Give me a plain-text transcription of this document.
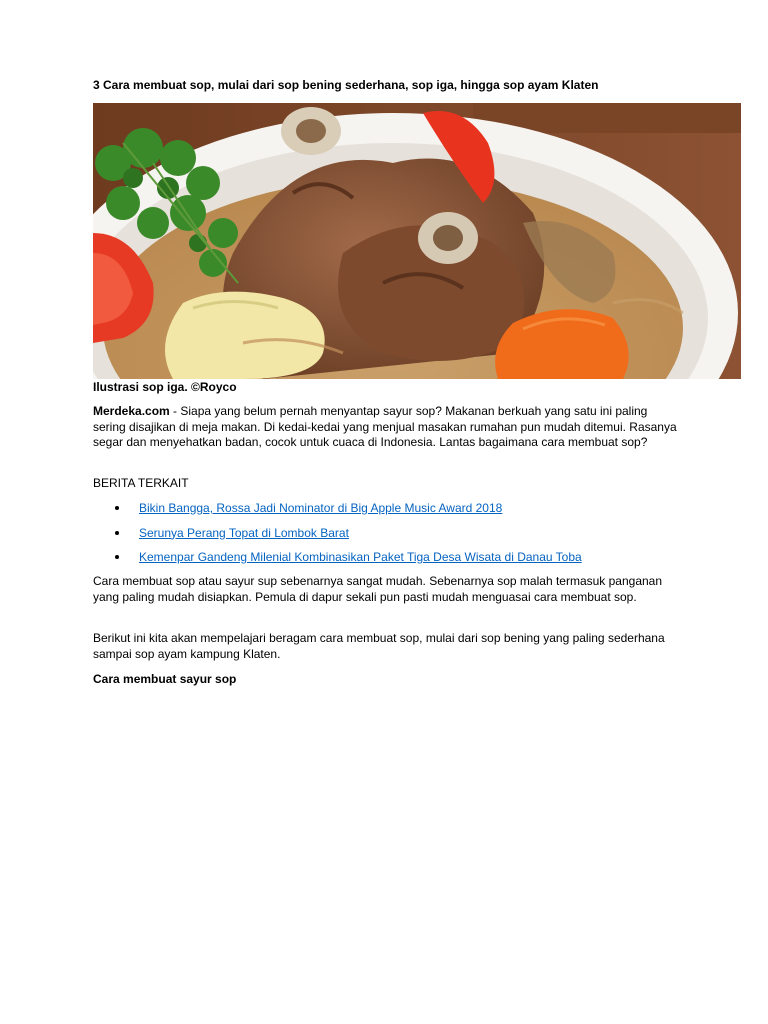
3 Cara membuat sop, mulai dari sop bening sederhana, sop iga, hingga sop ayam Klaten
Ilustrasi sop iga. ©Royco

Merdeka.com - Siapa yang belum pernah menyantap sayur sop? Makanan berkuah yang satu ini paling sering disajikan di meja makan. Di kedai-kedai yang menjual masakan rumahan pun mudah ditemui. Rasanya segar dan menyehatkan badan, cocok untuk cuaca di Indonesia. Lantas bagaimana cara membuat sop?

BERITA TERKAIT
Bikin Bangga, Rossa Jadi Nominator di Big Apple Music Award 2018
Serunya Perang Topat di Lombok Barat
Kemenpar Gandeng Milenial Kombinasikan Paket Tiga Desa Wisata di Danau Toba

Cara membuat sop atau sayur sup sebenarnya sangat mudah. Sebenarnya sop malah termasuk panganan yang paling mudah disiapkan. Pemula di dapur sekali pun pasti mudah menguasai cara membuat sop.

Berikut ini kita akan mempelajari beragam cara membuat sop, mulai dari sop bening yang paling sederhana sampai sop ayam kampung Klaten.

Cara membuat sayur sop
